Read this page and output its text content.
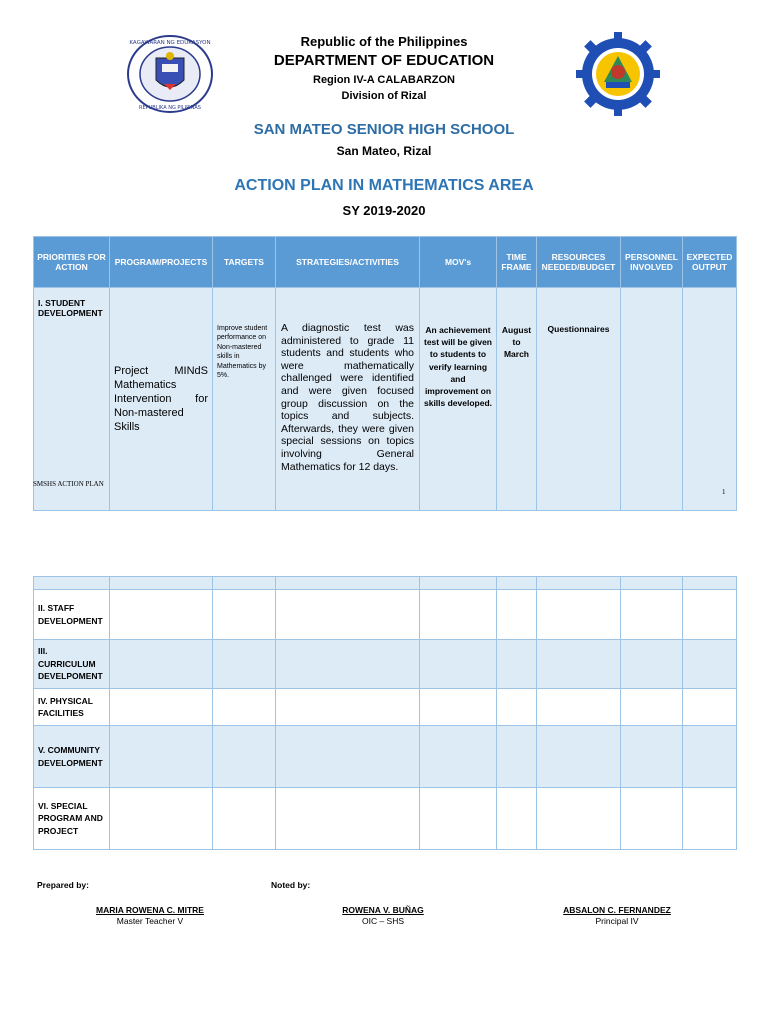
KAGAWARAN NG EDUKASYON
REPUBLIKA NG PILIPINAS
Republic of the Philippines
DEPARTMENT OF EDUCATION
Region IV-A CALABARZON
Division of Rizal
SAN MATEO SENIOR HIGH SCHOOL
San Mateo, Rizal
ACTION PLAN IN MATHEMATICS AREA
SY 2019-2020
PRIORITIES FOR ACTION	PROGRAM/PROJECTS	TARGETS	STRATEGIES/ACTIVITIES	MOV's	TIME FRAME	RESOURCES NEEDED/BUDGET	PERSONNEL INVOLVED	EXPECTED OUTPUT
I. STUDENT DEVELOPMENT	Project MINdS Mathematics Intervention for Non-mastered Skills	Improve student performance on Non-mastered skills in Mathematics by 5%.	A diagnostic test was administered to grade 11 students and students who were mathematically challenged were identified and were given focused group discussion on the topics and subjects. Afterwards, they were given special sessions on topics involving General Mathematics for 12 days.	An achievement test will be given to students to verify learning and improvement on skills developed.	August to March	Questionnaires		
SMSHS ACTION PLAN
1

II. STAFF DEVELOPMENT								
III. CURRICULUM DEVELPOMENT								
IV. PHYSICAL FACILITIES								
V. COMMUNITY DEVELOPMENT								
VI. SPECIAL PROGRAM AND PROJECT								
Prepared by:	Noted by:
MARIA ROWENA C. MITRE
Master Teacher V
ROWENA V. BUÑAG
OIC – SHS
ABSALON C. FERNANDEZ
Principal IV
